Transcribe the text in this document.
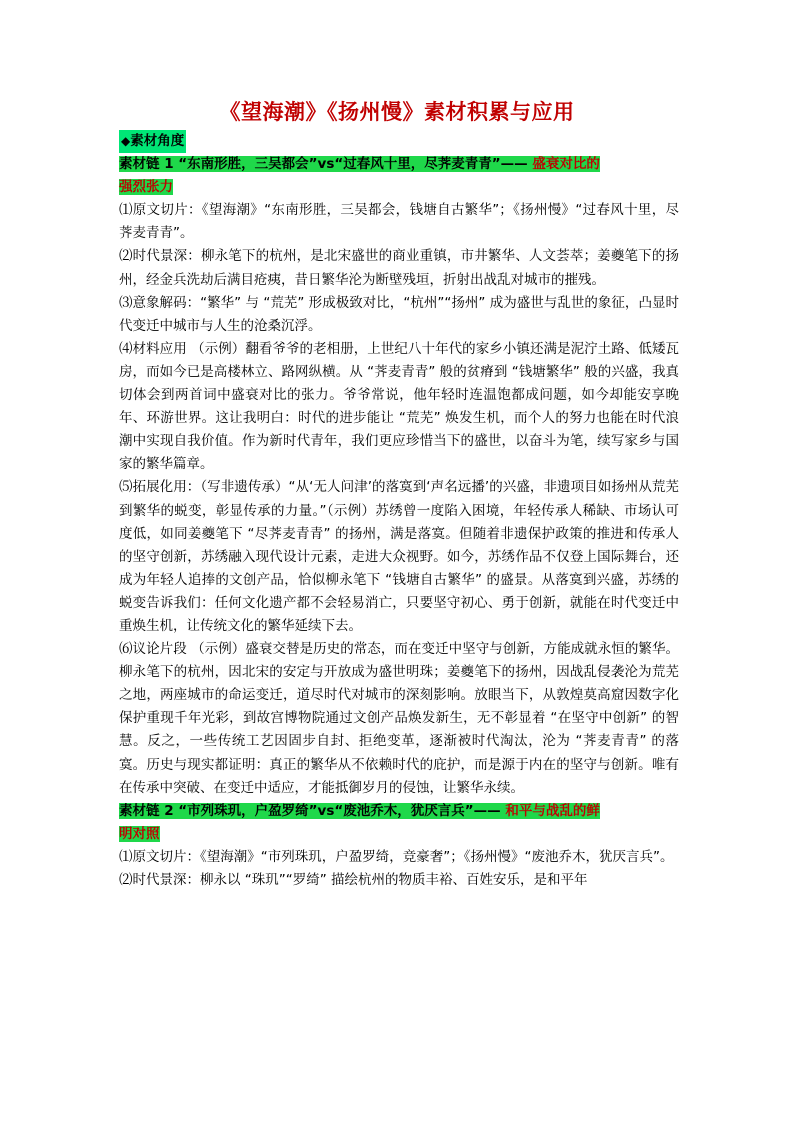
《望海潮》《扬州慢》素材积累与应用
◆素材角度

素材链 1 “东南形胜，三吴都会”vs“过春风十里，尽荠麦青青”—— 盛衰对比的
强烈张力

⑴原文切片：《望海潮》“东南形胜，三吴都会，钱塘自古繁华”；《扬州慢》“过春风十里，尽荠麦青青”。

⑵时代景深：柳永笔下的杭州，是北宋盛世的商业重镇，市井繁华、人文荟萃；姜夔笔下的扬州，经金兵洗劫后满目疮痍，昔日繁华沦为断壁残垣，折射出战乱对城市的摧残。

⑶意象解码：“繁华” 与 “荒芜” 形成极致对比，“杭州”“扬州” 成为盛世与乱世的象征，凸显时代变迁中城市与人生的沧桑沉浮。

⑷材料应用 （示例）翻看爷爷的老相册，上世纪八十年代的家乡小镇还满是泥泞土路、低矮瓦房，而如今已是高楼林立、路网纵横。从 “荠麦青青” 般的贫瘠到 “钱塘繁华” 般的兴盛，我真切体会到两首词中盛衰对比的张力。爷爷常说，他年轻时连温饱都成问题，如今却能安享晚年、环游世界。这让我明白：时代的进步能让 “荒芜” 焕发生机，而个人的努力也能在时代浪潮中实现自我价值。作为新时代青年，我们更应珍惜当下的盛世，以奋斗为笔，续写家乡与国家的繁华篇章。

⑸拓展化用：（写非遗传承）“从‘无人问津’的落寞到‘声名远播’的兴盛，非遗项目如扬州从荒芜到繁华的蜕变，彰显传承的力量。”（示例）苏绣曾一度陷入困境，年轻传承人稀缺、市场认可度低，如同姜夔笔下 “尽荠麦青青” 的扬州，满是落寞。但随着非遗保护政策的推进和传承人的坚守创新，苏绣融入现代设计元素，走进大众视野。如今，苏绣作品不仅登上国际舞台，还成为年轻人追捧的文创产品，恰似柳永笔下 “钱塘自古繁华” 的盛景。从落寞到兴盛，苏绣的蜕变告诉我们：任何文化遗产都不会轻易消亡，只要坚守初心、勇于创新，就能在时代变迁中重焕生机，让传统文化的繁华延续下去。

⑹议论片段 （示例）盛衰交替是历史的常态，而在变迁中坚守与创新，方能成就永恒的繁华。柳永笔下的杭州，因北宋的安定与开放成为盛世明珠；姜夔笔下的扬州，因战乱侵袭沦为荒芜之地，两座城市的命运变迁，道尽时代对城市的深刻影响。放眼当下，从敦煌莫高窟因数字化保护重现千年光彩，到故宫博物院通过文创产品焕发新生，无不彰显着 “在坚守中创新” 的智慧。反之，一些传统工艺因固步自封、拒绝变革，逐渐被时代淘汰，沦为 “荠麦青青” 的落寞。历史与现实都证明：真正的繁华从不依赖时代的庇护，而是源于内在的坚守与创新。唯有在传承中突破、在变迁中适应，才能抵御岁月的侵蚀，让繁华永续。

素材链 2 “市列珠玑，户盈罗绮”vs“废池乔木，犹厌言兵”—— 和平与战乱的鲜
明对照

⑴原文切片：《望海潮》“市列珠玑，户盈罗绮，竞豪奢”；《扬州慢》“废池乔木，犹厌言兵”。

⑵时代景深：柳永以 “珠玑”“罗绮” 描绘杭州的物质丰裕、百姓安乐，是和平年
